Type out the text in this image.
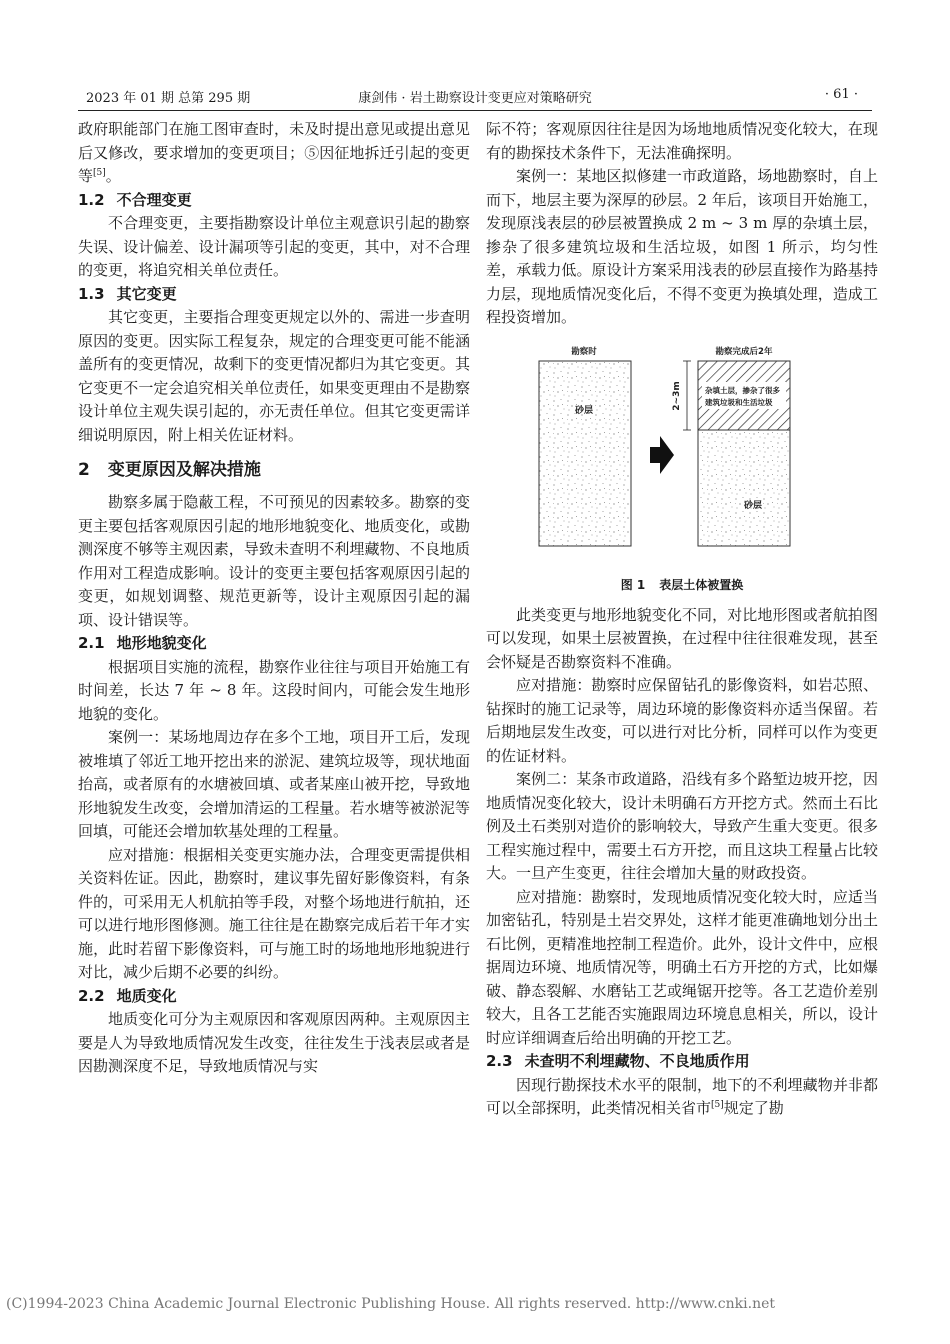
2023 年 01 期 总第 295 期	康剑伟 · 岩土勘察设计变更应对策略研究	· 61 ·

政府职能部门在施工图审查时，未及时提出意见或提出意见后又修改，要求增加的变更项目；⑤因征地拆迁引起的变更等[5]。

1.2 不合理变更

不合理变更，主要指勘察设计单位主观意识引起的勘察失误、设计偏差、设计漏项等引起的变更，其中，对不合理的变更，将追究相关单位责任。

1.3 其它变更

其它变更，主要指合理变更规定以外的、需进一步查明原因的变更。因实际工程复杂，规定的合理变更可能不能涵盖所有的变更情况，故剩下的变更情况都归为其它变更。其它变更不一定会追究相关单位责任，如果变更理由不是勘察设计单位主观失误引起的，亦无责任单位。但其它变更需详细说明原因，附上相关佐证材料。

2 变更原因及解决措施

勘察多属于隐蔽工程，不可预见的因素较多。勘察的变更主要包括客观原因引起的地形地貌变化、地质变化，或勘测深度不够等主观因素，导致未查明不利埋藏物、不良地质作用对工程造成影响。设计的变更主要包括客观原因引起的变更，如规划调整、规范更新等，设计主观原因引起的漏项、设计错误等。

2.1 地形地貌变化

根据项目实施的流程，勘察作业往往与项目开始施工有时间差，长达 7 年 ~ 8 年。这段时间内，可能会发生地形地貌的变化。

案例一：某场地周边存在多个工地，项目开工后，发现被堆填了邻近工地开挖出来的淤泥、建筑垃圾等，现状地面抬高，或者原有的水塘被回填、或者某座山被开挖，导致地形地貌发生改变，会增加清运的工程量。若水塘等被淤泥等回填，可能还会增加软基处理的工程量。

应对措施：根据相关变更实施办法，合理变更需提供相关资料佐证。因此，勘察时，建议事先留好影像资料，有条件的，可采用无人机航拍等手段，对整个场地进行航拍，还可以进行地形图修测。施工往往是在勘察完成后若干年才实施，此时若留下影像资料，可与施工时的场地地形地貌进行对比，减少后期不必要的纠纷。

2.2 地质变化

地质变化可分为主观原因和客观原因两种。主观原因主要是人为导致地质情况发生改变，往往发生于浅表层或者是因勘测深度不足，导致地质情况与实

际不符；客观原因往往是因为场地地质情况变化较大，在现有的勘探技术条件下，无法准确探明。

案例一：某地区拟修建一市政道路，场地勘察时，自上而下，地层主要为深厚的砂层。2 年后，该项目开始施工，发现原浅表层的砂层被置换成 2 m ~ 3 m 厚的杂填土层，掺杂了很多建筑垃圾和生活垃圾，如图 1 所示，均匀性差，承载力低。原设计方案采用浅表的砂层直接作为路基持力层，现地质情况变化后，不得不变更为换填处理，造成工程投资增加。

勘察时
砂层
勘察完成后2年
杂填土层，掺杂了很多
建筑垃圾和生活垃圾
砂层
2~3m
图 1 表层土体被置换

此类变更与地形地貌变化不同，对比地形图或者航拍图可以发现，如果土层被置换，在过程中往往很难发现，甚至会怀疑是否勘察资料不准确。

应对措施：勘察时应保留钻孔的影像资料，如岩芯照、钻探时的施工记录等，周边环境的影像资料亦适当保留。若后期地层发生改变，可以进行对比分析，同样可以作为变更的佐证材料。

案例二：某条市政道路，沿线有多个路堑边坡开挖，因地质情况变化较大，设计未明确石方开挖方式。然而土石比例及土石类别对造价的影响较大，导致产生重大变更。很多工程实施过程中，需要土石方开挖，而且这块工程量占比较大。一旦产生变更，往往会增加大量的财政投资。

应对措施：勘察时，发现地质情况变化较大时，应适当加密钻孔，特别是土岩交界处，这样才能更准确地划分出土石比例，更精准地控制工程造价。此外，设计文件中，应根据周边环境、地质情况等，明确土石方开挖的方式，比如爆破、静态裂解、水磨钻工艺或绳锯开挖等。各工艺造价差别较大，且各工艺能否实施跟周边环境息息相关，所以，设计时应详细调查后给出明确的开挖工艺。

2.3 未查明不利埋藏物、不良地质作用

因现行勘探技术水平的限制，地下的不利埋藏物并非都可以全部探明，此类情况相关省市[5]规定了勘

(C)1994-2023 China Academic Journal Electronic Publishing House. All rights reserved. http://www.cnki.net
